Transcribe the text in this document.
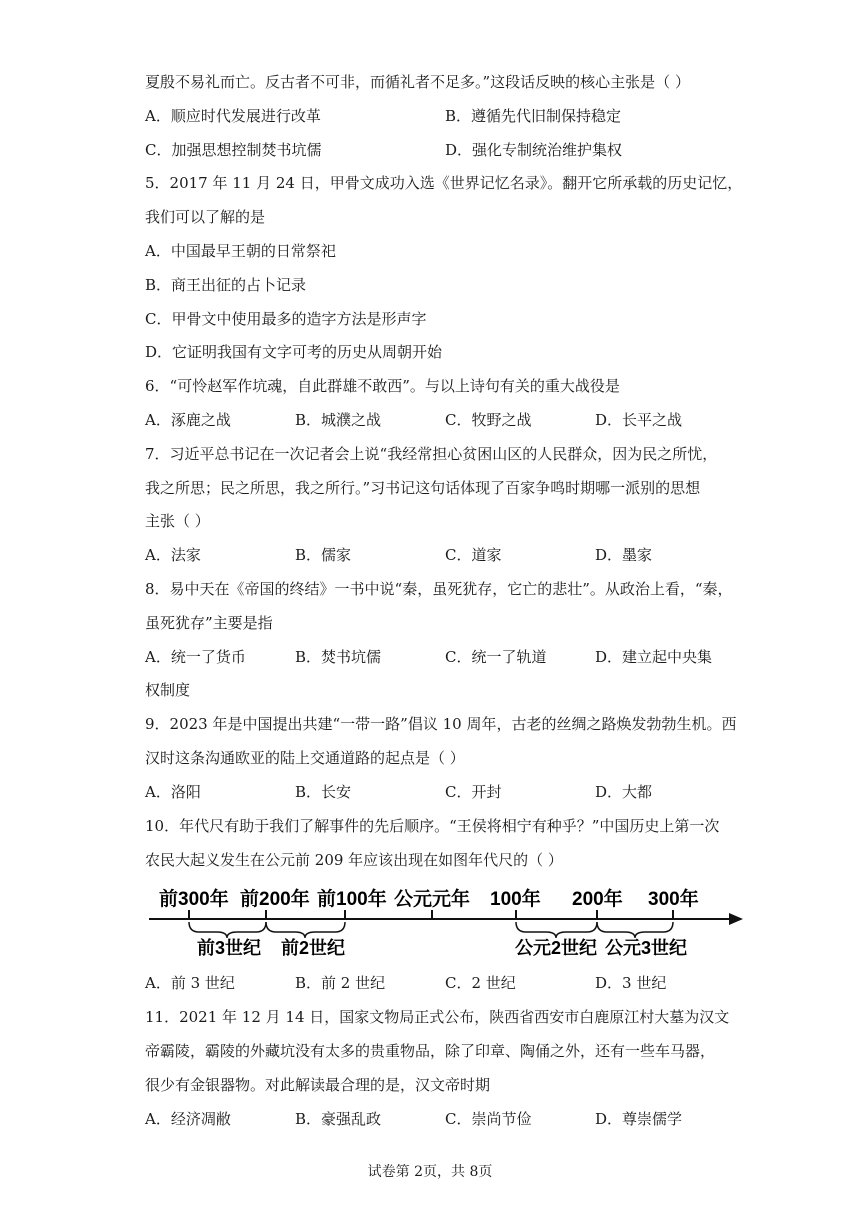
夏殷不易礼而亡。反古者不可非，而循礼者不足多。”这段话反映的核心主张是（ ）
A．顺应时代发展进行改革	B．遵循先代旧制保持稳定
C．加强思想控制焚书坑儒	D．强化专制统治维护集权
5．2017 年 11 月 24 日，甲骨文成功入选《世界记忆名录》。翻开它所承载的历史记忆，
我们可以了解的是
A．中国最早王朝的日常祭祀
B．商王出征的占卜记录
C．甲骨文中使用最多的造字方法是形声字
D．它证明我国有文字可考的历史从周朝开始
6．“可怜赵军作坑魂，自此群雄不敢西”。与以上诗句有关的重大战役是
A．涿鹿之战	B．城濮之战	C．牧野之战	D．长平之战
7．习近平总书记在一次记者会上说“我经常担心贫困山区的人民群众，因为民之所忧，
我之所思；民之所思，我之所行。”习书记这句话体现了百家争鸣时期哪一派别的思想
主张（ ）
A．法家	B．儒家	C．道家	D．墨家
8．易中天在《帝国的终结》一书中说“秦，虽死犹存，它亡的悲壮”。从政治上看，“秦，
虽死犹存”主要是指
A．统一了货币	B．焚书坑儒	C．统一了轨道	D．建立起中央集
权制度
9．2023 年是中国提出共建“一带一路”倡议 10 周年，古老的丝绸之路焕发勃勃生机。西
汉时这条沟通欧亚的陆上交通道路的起点是（ ）
A．洛阳	B．长安	C．开封	D．大都
10．年代尺有助于我们了解事件的先后顺序。“王侯将相宁有种乎？”中国历史上第一次
农民大起义发生在公元前 209 年应该出现在如图年代尺的（ ）
前300年 前200年 前100年 公元元年 100年 200年 300年
前3世纪 前2世纪	公元2世纪 公元3世纪
A．前 3 世纪	B．前 2 世纪	C．2 世纪	D．3 世纪
11．2021 年 12 月 14 日，国家文物局正式公布，陕西省西安市白鹿原江村大墓为汉文
帝霸陵，霸陵的外藏坑没有太多的贵重物品，除了印章、陶俑之外，还有一些车马器，
很少有金银器物。对此解读最合理的是，汉文帝时期
A．经济凋敝	B．豪强乱政	C．崇尚节俭	D．尊崇儒学
试卷第 2页，共 8页
